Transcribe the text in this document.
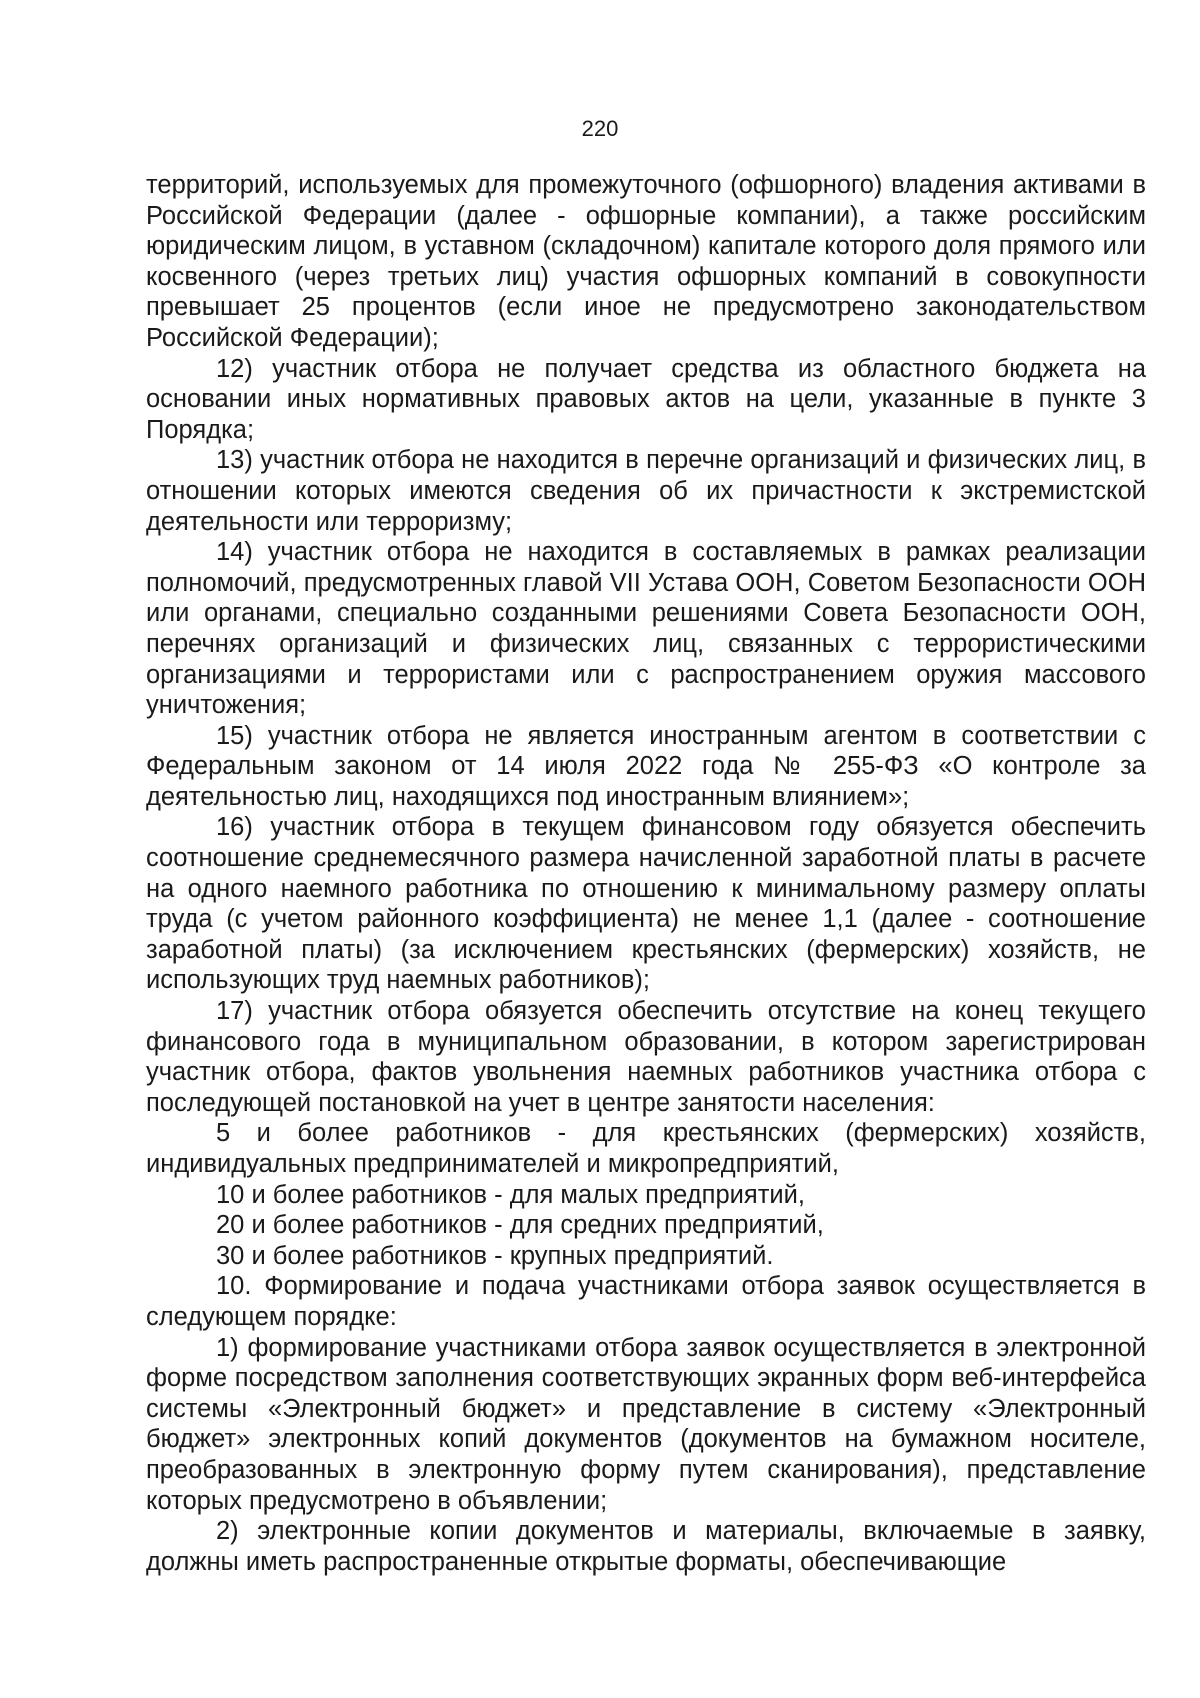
220

территорий, используемых для промежуточного (офшорного) владения активами в Российской Федерации (далее - офшорные компании), а также российским юридическим лицом, в уставном (складочном) капитале которого доля прямого или косвенного (через третьих лиц) участия офшорных компаний в совокупности превышает 25 процентов (если иное не предусмотрено законодательством Российской Федерации);

12) участник отбора не получает средства из областного бюджета на основании иных нормативных правовых актов на цели, указанные в пункте 3 Порядка;

13) участник отбора не находится в перечне организаций и физических лиц, в отношении которых имеются сведения об их причастности к экстремистской деятельности или терроризму;

14) участник отбора не находится в составляемых в рамках реализации полномочий, предусмотренных главой VII Устава ООН, Советом Безопасности ООН или органами, специально созданными решениями Совета Безопасности ООН, перечнях организаций и физических лиц, связанных с террористическими организациями и террористами или с распространением оружия массового уничтожения;

15) участник отбора не является иностранным агентом в соответствии с Федеральным законом от 14 июля 2022 года № 255-ФЗ «О контроле за деятельностью лиц, находящихся под иностранным влиянием»;

16) участник отбора в текущем финансовом году обязуется обеспечить соотношение среднемесячного размера начисленной заработной платы в расчете на одного наемного работника по отношению к минимальному размеру оплаты труда (с учетом районного коэффициента) не менее 1,1 (далее - соотношение заработной платы) (за исключением крестьянских (фермерских) хозяйств, не использующих труд наемных работников);

17) участник отбора обязуется обеспечить отсутствие на конец текущего финансового года в муниципальном образовании, в котором зарегистрирован участник отбора, фактов увольнения наемных работников участника отбора с последующей постановкой на учет в центре занятости населения:

5 и более работников - для крестьянских (фермерских) хозяйств, индивидуальных предпринимателей и микропредприятий,

10 и более работников - для малых предприятий,

20 и более работников - для средних предприятий,

30 и более работников - крупных предприятий.

10. Формирование и подача участниками отбора заявок осуществляется в следующем порядке:

1) формирование участниками отбора заявок осуществляется в электронной форме посредством заполнения соответствующих экранных форм веб-интерфейса системы «Электронный бюджет» и представление в систему «Электронный бюджет» электронных копий документов (документов на бумажном носителе, преобразованных в электронную форму путем сканирования), представление которых предусмотрено в объявлении;

2) электронные копии документов и материалы, включаемые в заявку, должны иметь распространенные открытые форматы, обеспечивающие
